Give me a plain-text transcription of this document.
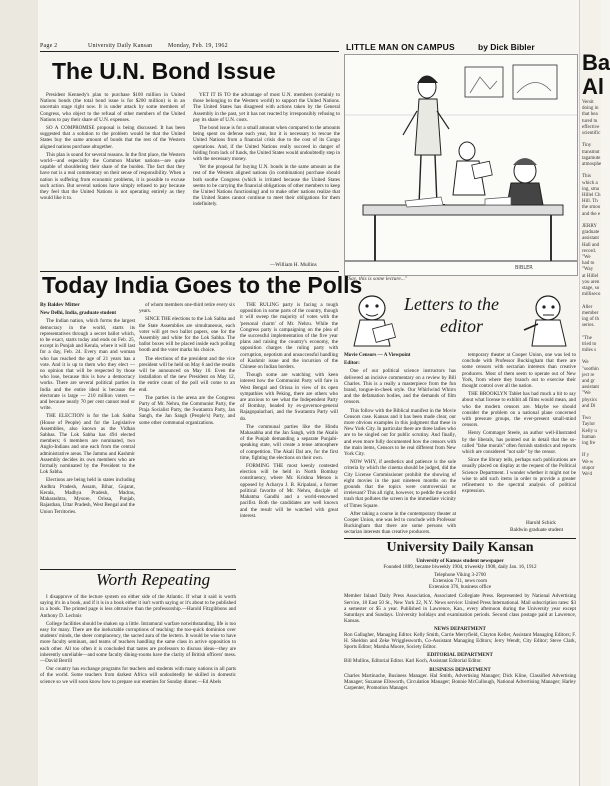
Page 2	University Daily Kansan	Monday, Feb. 19, 1962
The U.N. Bond Issue

President Kennedy's plan to purchase $100 million in United Nations bonds (the total bond issue is for $200 million) is in an uncertain stage right now. It is under attack by some members of Congress, who object to the refusal of other members of the United Nations to pay their share of U.N. expenses.

SO A COMPROMISE proposal is being discussed. It has been suggested that a solution to the problem would be that the United States buy the same amount of bonds that the rest of the Western aligned nations purchase altogether.

This plan is sound for several reasons. In the first place, the Western world—and especially the Common Market nations—are quite capable of shouldering their share of the burden. The fact that they have not is a real commentary on their sense of responsibility. When a nation is suffering from economic problems, it is possible to excuse such action. But several nations have simply refused to pay because they feel that the United Nations is not operating entirely as they would like it to.

YET IT IS TO the advantage of most U.N. members (certainly to those belonging to the Western world) to support the United Nations. The United States has disagreed with actions taken by the General Assembly in the past, yet it has not reacted by irresponsibly refusing to pay its share of U.N. costs.

The bond issue is for a small amount when compared to the amounts being spent on defense each year, but it is necessary to rescue the United Nations from a financial crisis due to the cost of its Congo operations. And, if the United Nations really succeed in danger of folding from lack of funds, the United States would undoubtedly step in with the necessary money.

Yet the proposal for buying U.N. bonds in the same amount as the rest of the Western aligned nations (in combination) purchase should both soothe Congress (which is irritated because the United States seems to be carrying the financial obligations of other members to keep the United Nations functioning) and to make other nations realize that the United States cannot continue to meet their obligations for them indefinitely.

—William H. Mullins
LITTLE MAN ON CAMPUS	by Dick Bibler
BIBLER
"Say, this is some lecture..."
Today India Goes to the Polls

By Baldev Mitter

New Delhi, India, graduate student

The Indian nation, which forms the largest democracy in the world, starts its representatives through a secret ballot which, to be exact, starts today and ends on Feb. 25, except in Punjab and Kerala, where it will last for a day, Feb. 24. Every man and woman who has reached the age of 21 years has a vote. And it is up to them who they elect — no opinion that will be respected by those who lose, because this is how a democracy works. There are several political parties in India and the entire ideal is because the electorate is large — 210 million voters — and because nearly 70 per cent cannot read or write.

THE ELECTION is for the Lok Sabha (House of People) and for the Legislative Assemblies, also known as the Vidhan Sabhas. The Lok Sabha has 494 elected members; 6 members are nominated, two Anglo-Indians and one each from the central administrative areas. The Jammu and Kashmir Assembly decides its own members who are formally nominated by the President to the Lok Sabha.

Elections are being held in states including Andhra Pradesh, Assam, Bihar, Gujarat, Kerala, Madhya Pradesh, Madras, Maharashtra, Mysore, Orissa, Punjab, Rajasthan, Uttar Pradesh, West Bengal and the Union Territories.

of whom members one-third retire every six years.

SINCE THE elections to the Lok Sabha and the State Assemblies are simultaneous, each voter will get two ballot papers, one for the Assembly and white for the Lok Sabha. The ballot boxes will be placed inside each polling booth and the voter marks his choice.

The elections of the president and the vice president will be held on May 6 and the results will be announced on May 10. Even the installation of the new President on May 12, the entire count of the poll will come to an end.

The parties in the arena are the Congress Party of Mr. Nehru, the Communist Party, the Praja Socialist Party, the Swatantra Party, Jan Sangh, the Jan Sangh (People's) Party, and some other communal organizations.

THE RULING party is facing a tough opposition in some parts of the country, though it will sweep the majority of votes with the 'personal charm' of Mr. Nehru. While the Congress party is campaigning on the plea of the successful implementation of the five year plans and raising the country's economy, the opposition charges the ruling party with corruption, nepotism and unsuccessful handling of Kashmir issue and the incursion of the Chinese on Indian borders.

Though some are watching with keen interest how the Communist Party will fare in West Bengal and Orissa in view of its open sympathies with Peking, there are others who are anxious to see what the Independent Party of Bombay, headed by ex-governor-general Rajagopalachari, and the Swatantra Party will do.

The communal parties like the Hindu Mahasabha and the Jan Sangh, with the Akalis of the Punjab demanding a separate Punjabi-speaking state, will create a tense atmosphere of competition. The Akali Dal are, for the first time, fighting the elections on their own.

FORMING THE most keenly contested election will be held in North Bombay constituency, where Mr. Krishna Menon is opposed by Acharya J. B. Kripalani, a former political favorite of Mr. Nehru, disciple of Mahatma Gandhi and a world-renowned pacifist. Both the candidates are well known and the result will be watched with great interest.

Worth Repeating

I disapprove of the lecture system on either side of the Atlantic. If what it said is worth saying it's in a book, and if it is in a book either it isn't worth saying or it's about to be published in a book. The printed page is less obtrusive than the professorship.—Harold Fitzgibbons and Anthony D. Lechnis

College facilities should be shaken up a little. Intramural warfare notwithstanding, life is too easy for many. There are the ineluctable corruptions of teaching: the too-quick dominion over students' minds, the sheer complacency, the sacred aura of the lectern. It would be wise to have more faculty seminars, and teams of teachers handling the same class in active opposition to each other. All too often it is concluded that tastes are professors to discuss ideas—they are inherently unreliable—and some faculty dining-rooms have the clarity of British officers' mess.—David Berrill

Our country has exchange programs for teachers and students with many nations in all parts of the world. Some teachers from darkest Africa will undoubtedly be skilled in domestic science so we will soon know how to prepare our enemies for Sunday dinner.—Ed Abels

Letters to the
editor

Movie Censors — A Viewpoint

Editor:

One of our political science instructors has delivered an incisive commentary on a review by Bill Charles. This is a really a masterpiece from the fun brand, tongue-in-cheek style. Our Whirlwind Whirrs and the defamation bodies, and the demands of film censors.

This follow with the Biblical manifest in the Movie Censors case. Kansas and it has been made clear, our more obvious examples in this judgment that these in New York City. In particular there are three ladies who are to be singled out for public scrutiny. And finally, and even more fully documented how the censors with the main items, Censors to be real different from New York City.

NOW WHY, if aesthetics and patience is the sole criteria by which the cinema should be judged, did the City License Commissioner prohibit the showing of eight movies in the past nineteen months on the grounds that the topics were controversial or irrelevant? This all right, however, to peddle the sordid trash that pollutes the screen in the immediate vicinity of Times Square.

After taking a course in the contemporary theater at Cooper Union, one was led to conclude with Professor Buckingham that there are some persons with sectarian interests than creative producers.

temporary theater at Cooper Union, one was led to conclude with Professor Buckingham that there are some censors with sectarian interests than creative producers. Most of them seem to operate out of New York, from where they branch out to exercise their thought control over all the nation.

THE BROOKLYN Tablet has had much a bit to say about what license to exhibit all films would mean, and who the modern censors are. Maybe we should consider the problem on a national plane concerned with pressure groups, the ever-present small-mind censors.

Henry Commager Steele, an author well-illustrated by the liberals, has pointed out in detail that the so-called "false morals" often furnish statistics and reports which are considered "not safe" by the censor.

Since the library tells, perhaps such publications are usually placed on display at the request of the Political Science Department. I wonder whether it might not be wise to add such items in order to provide a greater refinement to the spectral analysis of political expression.

Harold Schick
Baldwin graduate student
University Daily Kansan
University of Kansas student newspaper
Founded 1889, became biweekly 1904, triweekly 1908, daily Jan. 16, 1912
Telephone Viking 3-2700
Extension 711, news room
Extension 376, business office
Member Inland Daily Press Association, Associated Collegiate Press. Represented by National Advertising Service, 18 East 50 St., New York 22, N.Y. News service: United Press International. Mail subscription rates: $3 a semester or $5 a year. Published in Lawrence, Kan., every afternoon during the University year except Saturdays and Sundays. University holidays and examination periods. Second class postage paid at Lawrence, Kansas.
NEWS DEPARTMENT
Ron Gallagher, Managing Editor. Kelly Smith, Carrie Merryfield, Clayton Keller, Assistant Managing Editors; F. H. Sheldon and Zeke Wrigglesworth, Co-Assistant Managing Editors; Jerry Wendt, City Editor; Steve Clark, Sports Editor; Marsha Moore, Society Editor.
EDITORIAL DEPARTMENT
Bill Mullins, Editorial Editor. Karl Koch, Assistant Editorial Editor.
BUSINESS DEPARTMENT
Charles Martinache, Business Manager. Hal Smith, Advertising Manager; Dick Kline, Classified Advertising Manager; Suzanne Ellsworth, Circulation Manager; Bonnie McCullough, National Advertising Manager; Harley Carpenter, Promotion Manager.
Ba
Al
Versit
doing in
that hea
tured tu
effective
scientific
Tiny
transmut
tagamute
atmosphe
This
which a
ing, sma
Hillel Ch
Hill. Th
the smoo
and the e
JERRY
graduate
assistant
Hall and
record.
"We
had to
"Way
at Hillel
you aren
stage, so
milliseco
Aller
member
ing of th
series.
"The
tried to
miles s
We
"soothin
ject re
and gr
assistant
"We
physics
and Di
Two
Taylor
Kelly u
human
ing fre
If y
We w
stupor
We'd
